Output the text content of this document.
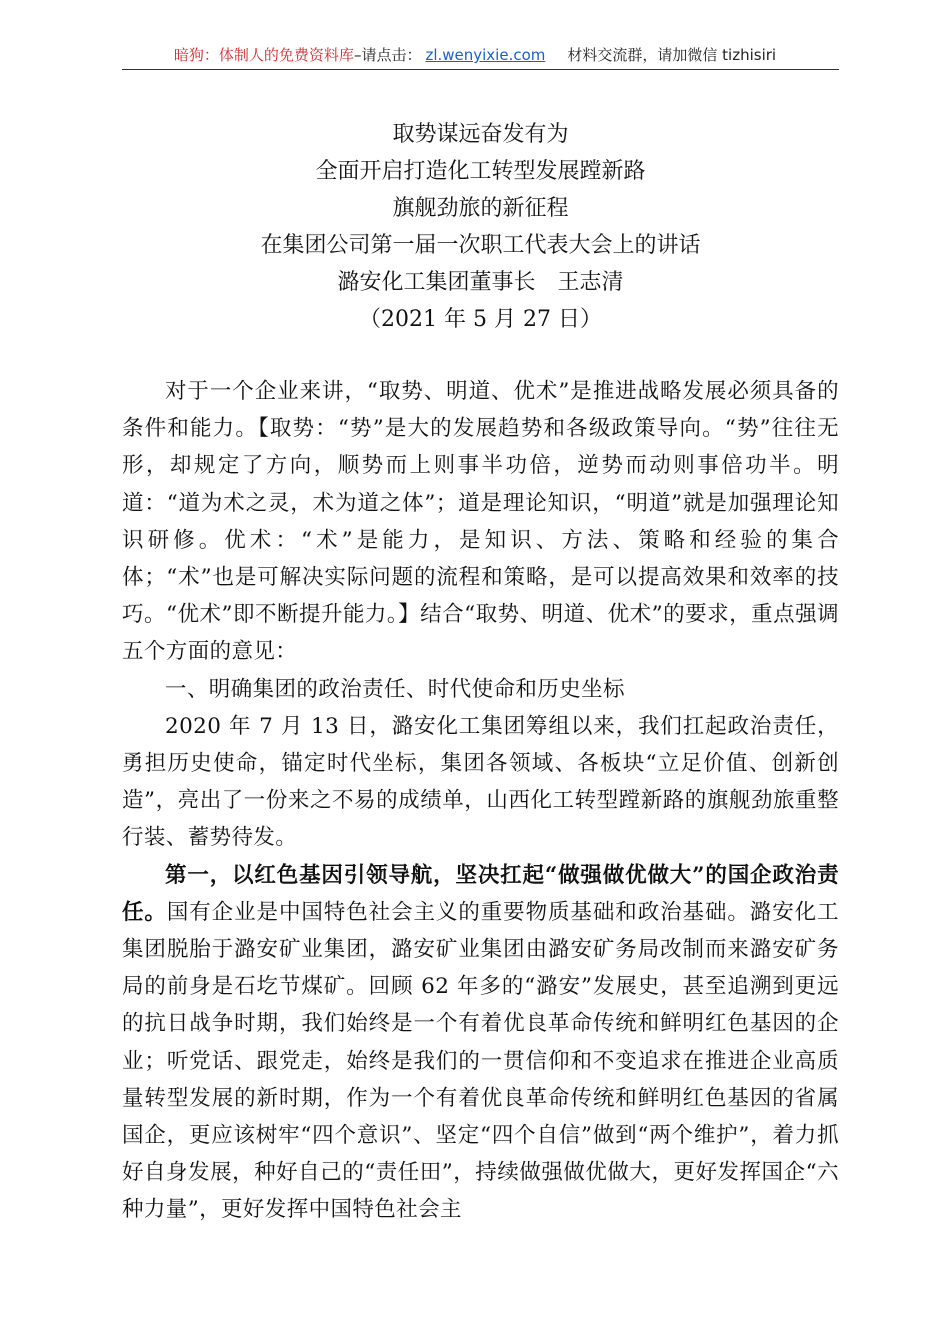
暗狗：体制人的免费资料库–请点击： zl.wenyixie.com 材料交流群，请加微信 tizhisiri
取势谋远奋发有为
全面开启打造化工转型发展蹚新路
旗舰劲旅的新征程
在集团公司第一届一次职工代表大会上的讲话
潞安化工集团董事长　王志清
（2021 年 5 月 27 日）

对于一个企业来讲，“取势、明道、优术”是推进战略发展必须具备的条件和能力。【取势：“势”是大的发展趋势和各级政策导向。“势”往往无形，却规定了方向，顺势而上则事半功倍，逆势而动则事倍功半。明道：“道为术之灵，术为道之体”；道是理论知识，“明道”就是加强理论知识研修。优术：“术”是能力，是知识、方法、策略和经验的集合体；“术”也是可解决实际问题的流程和策略，是可以提高效果和效率的技巧。“优术”即不断提升能力。】结合“取势、明道、优术”的要求，重点强调五个方面的意见：

一、明确集团的政治责任、时代使命和历史坐标

2020 年 7 月 13 日，潞安化工集团筹组以来，我们扛起政治责任，勇担历史使命，锚定时代坐标，集团各领域、各板块“立足价值、创新创造”，亮出了一份来之不易的成绩单，山西化工转型蹚新路的旗舰劲旅重整行装、蓄势待发。

第一，以红色基因引领导航，坚决扛起“做强做优做大”的国企政治责任。国有企业是中国特色社会主义的重要物质基础和政治基础。潞安化工集团脱胎于潞安矿业集团，潞安矿业集团由潞安矿务局改制而来潞安矿务局的前身是石圪节煤矿。回顾 62 年多的“潞安”发展史，甚至追溯到更远的抗日战争时期，我们始终是一个有着优良革命传统和鲜明红色基因的企业；听党话、跟党走，始终是我们的一贯信仰和不变追求在推进企业高质量转型发展的新时期，作为一个有着优良革命传统和鲜明红色基因的省属国企，更应该树牢“四个意识”、坚定“四个自信”做到“两个维护”，着力抓好自身发展，种好自己的“责任田”，持续做强做优做大，更好发挥国企“六种力量”，更好发挥中国特色社会主
